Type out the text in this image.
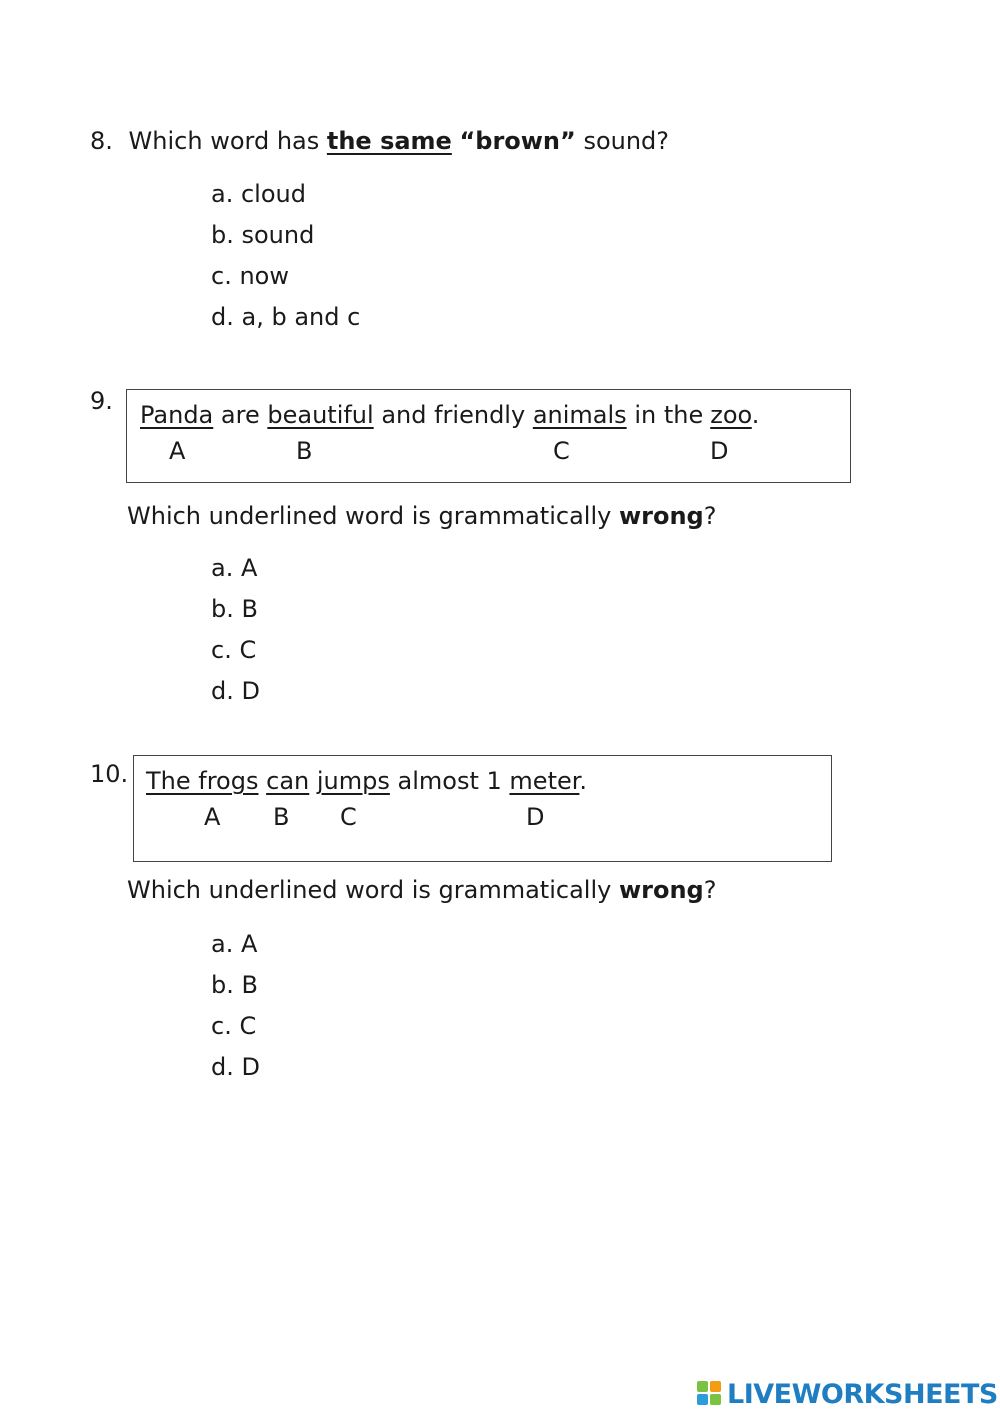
8. Which word has the same “brown” sound?
a. cloud
b. sound
c. now
d. a, b and c
9. Panda are beautiful and friendly animals in the zoo.
A	B	C	D
Which underlined word is grammatically wrong?
a. A
b. B
c. C
d. D
10. The frogs can jumps almost 1 meter.
A B C	D
Which underlined word is grammatically wrong?
a. A
b. B
c. C
d. D
LIVEWORKSHEETS
